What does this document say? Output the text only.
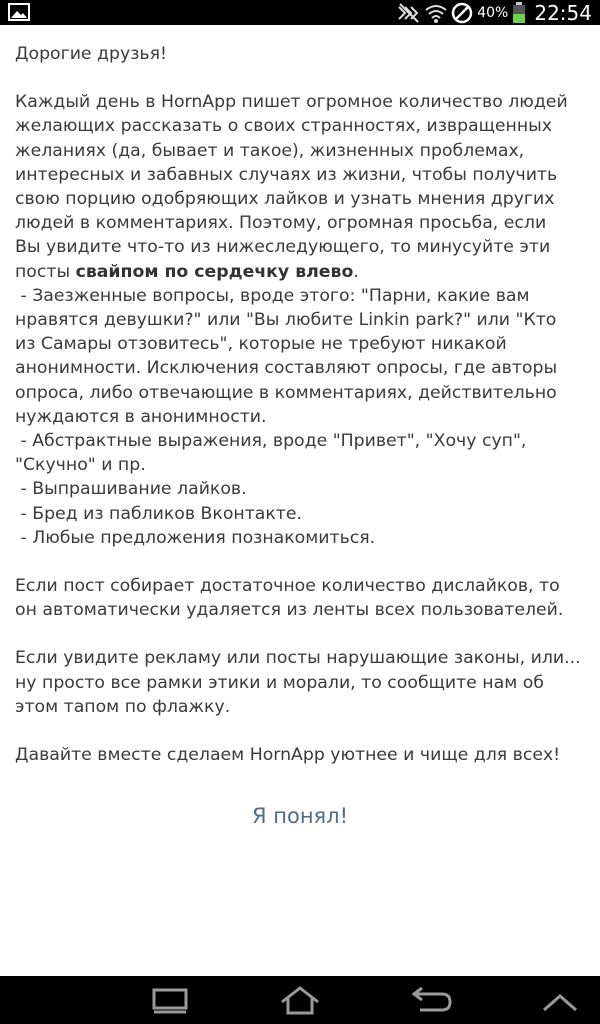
40% 22:54

Дорогие друзья!

Каждый день в HornApp пишет огромное количество людей
желающих рассказать о своих странностях, извращенных
желаниях (да, бывает и такое), жизненных проблемах,
интересных и забавных случаях из жизни, чтобы получить
свою порцию одобряющих лайков и узнать мнения других
людей в комментариях. Поэтому, огромная просьба, если
Вы увидите что-то из нижеследующего, то минусуйте эти
посты свайпом по сердечку влево.
- Заезженные вопросы, вроде этого: "Парни, какие вам
нравятся девушки?" или "Вы любите Linkin park?" или "Кто
из Самары отзовитесь", которые не требуют никакой
анонимности. Исключения составляют опросы, где авторы
опроса, либо отвечающие в комментариях, действительно
нуждаются в анонимности.
- Абстрактные выражения, вроде "Привет", "Хочу суп",
"Скучно" и пр.
- Выпрашивание лайков.
- Бред из пабликов Вконтакте.
- Любые предложения познакомиться.

Если пост собирает достаточное количество дислайков, то
он автоматически удаляется из ленты всех пользователей.

Если увидите рекламу или посты нарушающие законы, или...
ну просто все рамки этики и морали, то сообщите нам об
этом тапом по флажку.

Давайте вместе сделаем HornApp уютнее и чище для всех!

Я понял!
